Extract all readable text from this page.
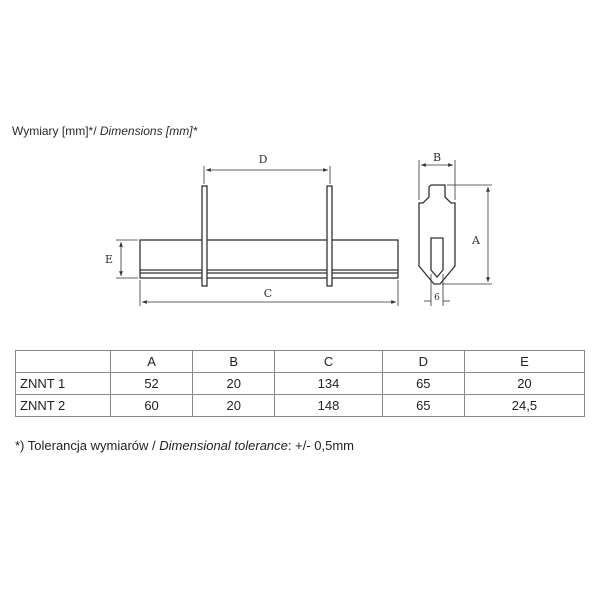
Wymiary [mm]*/ Dimensions [mm]*
D
E
C
B
A
6
	A	B	C	D	E
ZNNT 1	52	20	134	65	20
ZNNT 2	60	20	148	65	24,5
*) Tolerancja wymiarów / Dimensional tolerance: +/- 0,5mm
